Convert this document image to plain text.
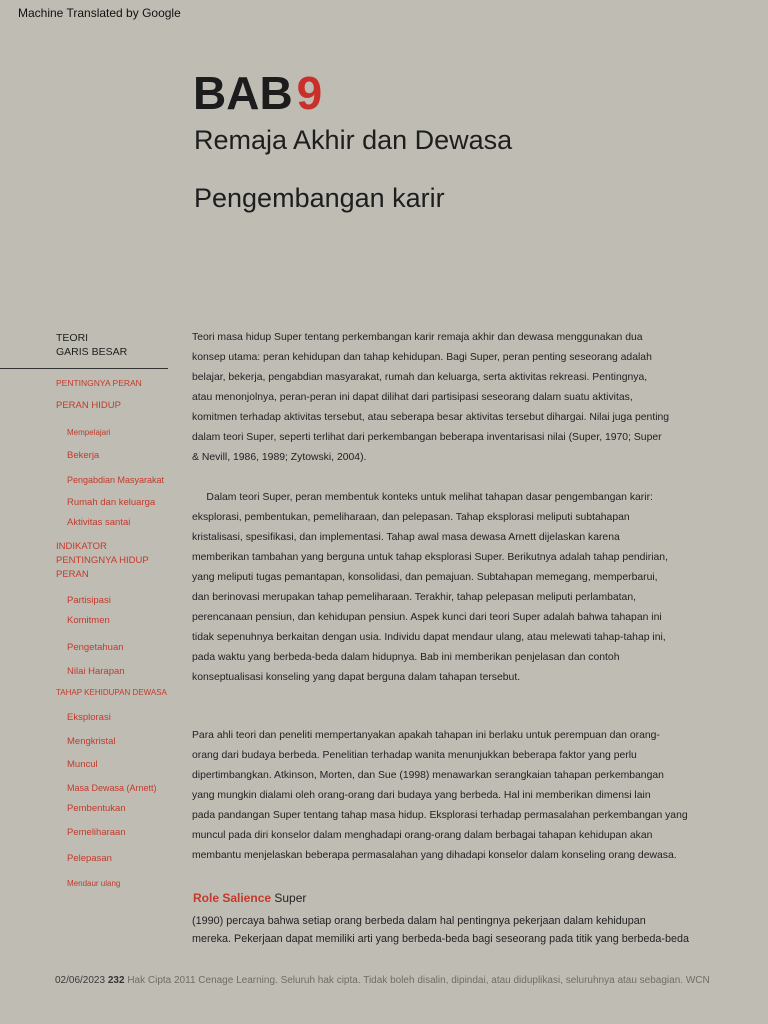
Machine Translated by Google
BAB9
Remaja Akhir dan Dewasa
Pengembangan karir
TEORI
GARIS BESAR
PENTINGNYA PERAN
PERAN HIDUP
Mempelajari
Bekerja
Pengabdian Masyarakat
Rumah dan keluarga
Aktivitas santai
INDIKATOR
PENTINGNYA HIDUP
PERAN
Partisipasi
Komitmen
Pengetahuan
Nilai Harapan
TAHAP KEHIDUPAN DEWASA
Eksplorasi
Mengkristal
Muncul
Masa Dewasa (Arnett)
Pembentukan
Pemeliharaan
Pelepasan
Mendaur ulang

Teori masa hidup Super tentang perkembangan karir remaja akhir dan dewasa menggunakan dua

konsep utama: peran kehidupan dan tahap kehidupan. Bagi Super, peran penting seseorang adalah

belajar, bekerja, pengabdian masyarakat, rumah dan keluarga, serta aktivitas rekreasi. Pentingnya,

atau menonjolnya, peran-peran ini dapat dilihat dari partisipasi seseorang dalam suatu aktivitas,

komitmen terhadap aktivitas tersebut, atau seberapa besar aktivitas tersebut dihargai. Nilai juga penting

dalam teori Super, seperti terlihat dari perkembangan beberapa inventarisasi nilai (Super, 1970; Super

& Nevill, 1986, 1989; Zytowski, 2004).

Dalam teori Super, peran membentuk konteks untuk melihat tahapan dasar pengembangan karir:

eksplorasi, pembentukan, pemeliharaan, dan pelepasan. Tahap eksplorasi meliputi subtahapan

kristalisasi, spesifikasi, dan implementasi. Tahap awal masa dewasa Arnett dijelaskan karena

memberikan tambahan yang berguna untuk tahap eksplorasi Super. Berikutnya adalah tahap pendirian,

yang meliputi tugas pemantapan, konsolidasi, dan pemajuan. Subtahapan memegang, memperbarui,

dan berinovasi merupakan tahap pemeliharaan. Terakhir, tahap pelepasan meliputi perlambatan,

perencanaan pensiun, dan kehidupan pensiun. Aspek kunci dari teori Super adalah bahwa tahapan ini

tidak sepenuhnya berkaitan dengan usia. Individu dapat mendaur ulang, atau melewati tahap-tahap ini,

pada waktu yang berbeda-beda dalam hidupnya. Bab ini memberikan penjelasan dan contoh

konseptualisasi konseling yang dapat berguna dalam tahapan tersebut.

Para ahli teori dan peneliti mempertanyakan apakah tahapan ini berlaku untuk perempuan dan orang-

orang dari budaya berbeda. Penelitian terhadap wanita menunjukkan beberapa faktor yang perlu

dipertimbangkan. Atkinson, Morten, dan Sue (1998) menawarkan serangkaian tahapan perkembangan

yang mungkin dialami oleh orang-orang dari budaya yang berbeda. Hal ini memberikan dimensi lain

pada pandangan Super tentang tahap masa hidup. Eksplorasi terhadap permasalahan perkembangan yang

muncul pada diri konselor dalam menghadapi orang-orang dalam berbagai tahapan kehidupan akan

membantu menjelaskan beberapa permasalahan yang dihadapi konselor dalam konseling orang dewasa.

Role Salience Super

(1990) percaya bahwa setiap orang berbeda dalam hal pentingnya pekerjaan dalam kehidupan

mereka. Pekerjaan dapat memiliki arti yang berbeda-beda bagi seseorang pada titik yang berbeda-beda

02/06/2023 232 Hak Cipta 2011 Cenage Learning. Seluruh hak cipta. Tidak boleh disalin, dipindai, atau diduplikasi, seluruhnya atau sebagian. WCN
